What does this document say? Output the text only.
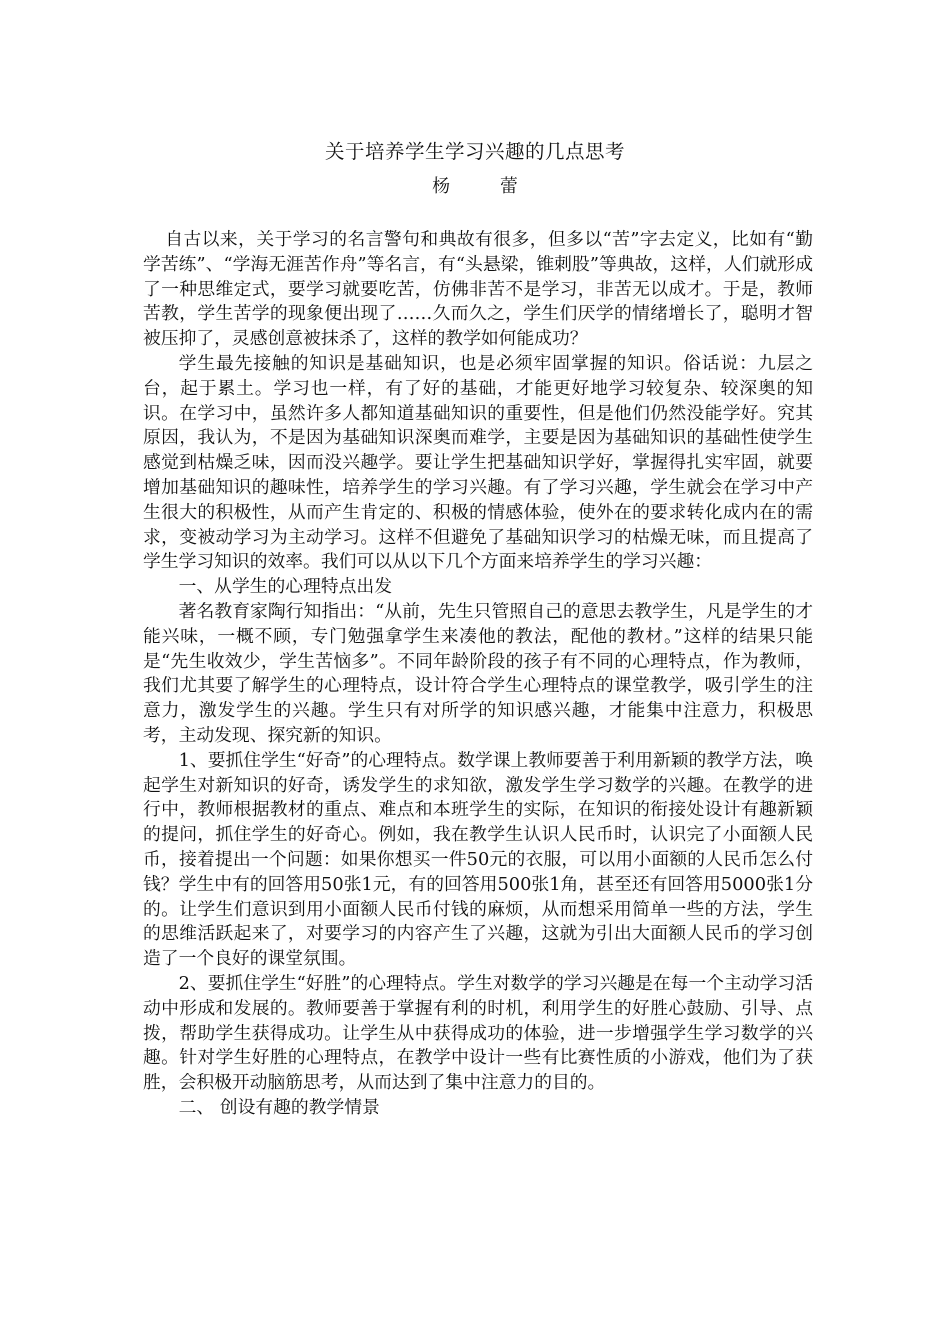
关于培养学生学习兴趣的几点思考
杨 蕾

自古以来，关于学习的名言警句和典故有很多，但多以“苦”字去定义，比如有“勤学苦练”、“学海无涯苦作舟”等名言，有“头悬梁，锥刺股”等典故，这样，人们就形成了一种思维定式，要学习就要吃苦，仿佛非苦不是学习，非苦无以成才。于是，教师苦教，学生苦学的现象便出现了……久而久之，学生们厌学的情绪增长了，聪明才智被压抑了，灵感创意被抹杀了，这样的教学如何能成功？

学生最先接触的知识是基础知识，也是必须牢固掌握的知识。俗话说：九层之台，起于累土。学习也一样，有了好的基础，才能更好地学习较复杂、较深奥的知识。在学习中，虽然许多人都知道基础知识的重要性，但是他们仍然没能学好。究其原因，我认为，不是因为基础知识深奥而难学，主要是因为基础知识的基础性使学生感觉到枯燥乏味，因而没兴趣学。要让学生把基础知识学好，掌握得扎实牢固，就要增加基础知识的趣味性，培养学生的学习兴趣。有了学习兴趣，学生就会在学习中产生很大的积极性，从而产生肯定的、积极的情感体验，使外在的要求转化成内在的需求，变被动学习为主动学习。这样不但避免了基础知识学习的枯燥无味，而且提高了学生学习知识的效率。我们可以从以下几个方面来培养学生的学习兴趣：

一、从学生的心理特点出发

著名教育家陶行知指出：“从前，先生只管照自己的意思去教学生，凡是学生的才能兴味，一概不顾，专门勉强拿学生来凑他的教法，配他的教材。”这样的结果只能是“先生收效少，学生苦恼多”。不同年龄阶段的孩子有不同的心理特点，作为教师，我们尤其要了解学生的心理特点，设计符合学生心理特点的课堂教学，吸引学生的注意力，激发学生的兴趣。学生只有对所学的知识感兴趣，才能集中注意力，积极思考，主动发现、探究新的知识。

1、要抓住学生“好奇”的心理特点。数学课上教师要善于利用新颖的教学方法，唤起学生对新知识的好奇，诱发学生的求知欲，激发学生学习数学的兴趣。在教学的进行中，教师根据教材的重点、难点和本班学生的实际，在知识的衔接处设计有趣新颖的提问，抓住学生的好奇心。例如，我在教学生认识人民币时，认识完了小面额人民币，接着提出一个问题：如果你想买一件50元的衣服，可以用小面额的人民币怎么付钱？学生中有的回答用50张1元，有的回答用500张1角，甚至还有回答用5000张1分的。让学生们意识到用小面额人民币付钱的麻烦，从而想采用简单一些的方法，学生的思维活跃起来了，对要学习的内容产生了兴趣，这就为引出大面额人民币的学习创造了一个良好的课堂氛围。

2、要抓住学生“好胜”的心理特点。学生对数学的学习兴趣是在每一个主动学习活动中形成和发展的。教师要善于掌握有利的时机，利用学生的好胜心鼓励、引导、点拨，帮助学生获得成功。让学生从中获得成功的体验，进一步增强学生学习数学的兴趣。针对学生好胜的心理特点，在教学中设计一些有比赛性质的小游戏，他们为了获胜，会积极开动脑筋思考，从而达到了集中注意力的目的。

二、 创设有趣的教学情景
